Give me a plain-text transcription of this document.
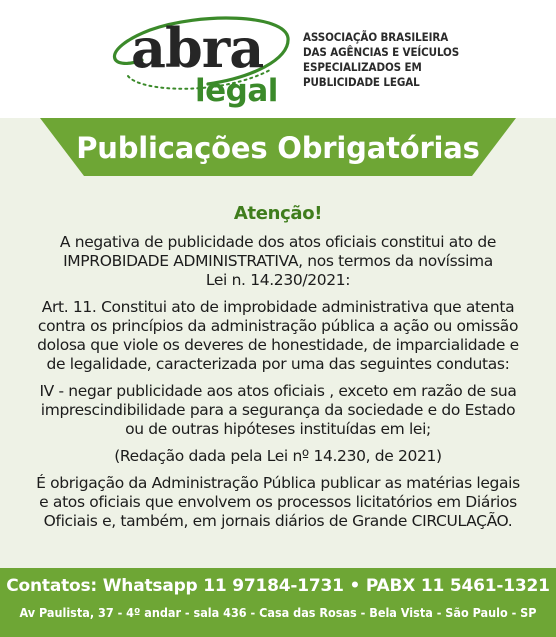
abra
legal
ASSOCIAÇÃO BRASILEIRA
DAS AGÊNCIAS E VEÍCULOS
ESPECIALIZADOS EM
PUBLICIDADE LEGAL
Publicações Obrigatórias
Atenção!
A negativa de publicidade dos atos oficiais constitui ato de
IMPROBIDADE ADMINISTRATIVA, nos termos da novíssima
Lei n. 14.230/2021:
Art. 11. Constitui ato de improbidade administrativa que atenta
contra os princípios da administração pública a ação ou omissão
dolosa que viole os deveres de honestidade, de imparcialidade e
de legalidade, caracterizada por uma das seguintes condutas:
IV - negar publicidade aos atos oficiais , exceto em razão de sua
imprescindibilidade para a segurança da sociedade e do Estado
ou de outras hipóteses instituídas em lei;
(Redação dada pela Lei nº 14.230, de 2021)
É obrigação da Administração Pública publicar as matérias legais
e atos oficiais que envolvem os processos licitatórios em Diários
Oficiais e, também, em jornais diários de Grande CIRCULAÇÃO.
Contatos: Whatsapp 11 97184-1731 • PABX 11 5461-1321
Av Paulista, 37 - 4º andar - sala 436 - Casa das Rosas - Bela Vista - São Paulo - SP
